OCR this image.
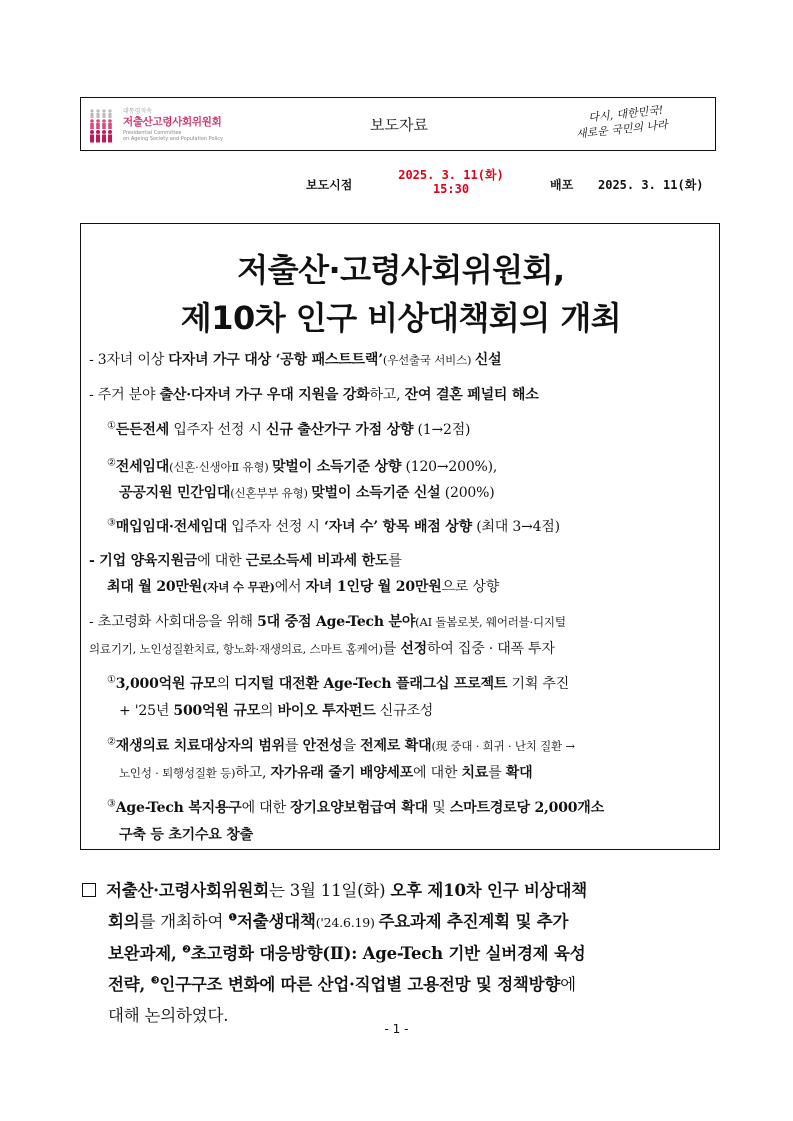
대통령직속
저출산고령사회위원회
Presidential Committee
on Ageing Society and Population Policy
보도자료
다시, 대한민국!
새로운 국민의 나라
보도시점
2025. 3. 11(화)
15:30	배포 2025. 3. 11(화)
저출산·고령사회위원회,
제10차 인구 비상대책회의 개최
- 3자녀 이상 다자녀 가구 대상 ‘공항 패스트트랙’(우선출국 서비스) 신설
- 주거 분야 출산·다자녀 가구 우대 지원을 강화하고, 잔여 결혼 페널티 해소
①든든전세 입주자 선정 시 신규 출산가구 가점 상향 (1→2점)
②전세임대(신혼·신생아Ⅱ 유형) 맞벌이 소득기준 상향 (120→200%),
공공지원 민간임대(신혼부부 유형) 맞벌이 소득기준 신설 (200%)
③매입임대·전세임대 입주자 선정 시 ‘자녀 수’ 항목 배점 상향 (최대 3→4점)
- 기업 양육지원금에 대한 근로소득세 비과세 한도를
최대 월 20만원(자녀 수 무관)에서 자녀 1인당 월 20만원으로 상향
- 초고령화 사회대응을 위해 5대 중점 Age-Tech 분야(AI 돌봄로봇, 웨어러블·디지털
의료기기, 노인성질환치료, 항노화·재생의료, 스마트 홈케어)를 선정하여 집중 · 대폭 투자
①3,000억원 규모의 디지털 대전환 Age-Tech 플래그십 프로젝트 기획 추진
+ '25년 500억원 규모의 바이오 투자펀드 신규조성
②재생의료 치료대상자의 범위를 안전성을 전제로 확대(現 중대 · 희귀 · 난치 질환 →
노인성 · 퇴행성질환 등)하고, 자가유래 줄기 배양세포에 대한 치료를 확대
③Age-Tech 복지용구에 대한 장기요양보험급여 확대 및 스마트경로당 2,000개소
구축 등 초기수요 창출
저출산·고령사회위원회는 3월 11일(화) 오후 제10차 인구 비상대책
회의를 개최하여 $^❶$저출생대책('24.6.19) 주요과제 추진계획 및 추가
보완과제, $^❷$초고령화 대응방향(Ⅱ): Age-Tech 기반 실버경제 육성
전략, $^❸$인구구조 변화에 따른 산업·직업별 고용전망 및 정책방향에
대해 논의하였다.
- 1 -
